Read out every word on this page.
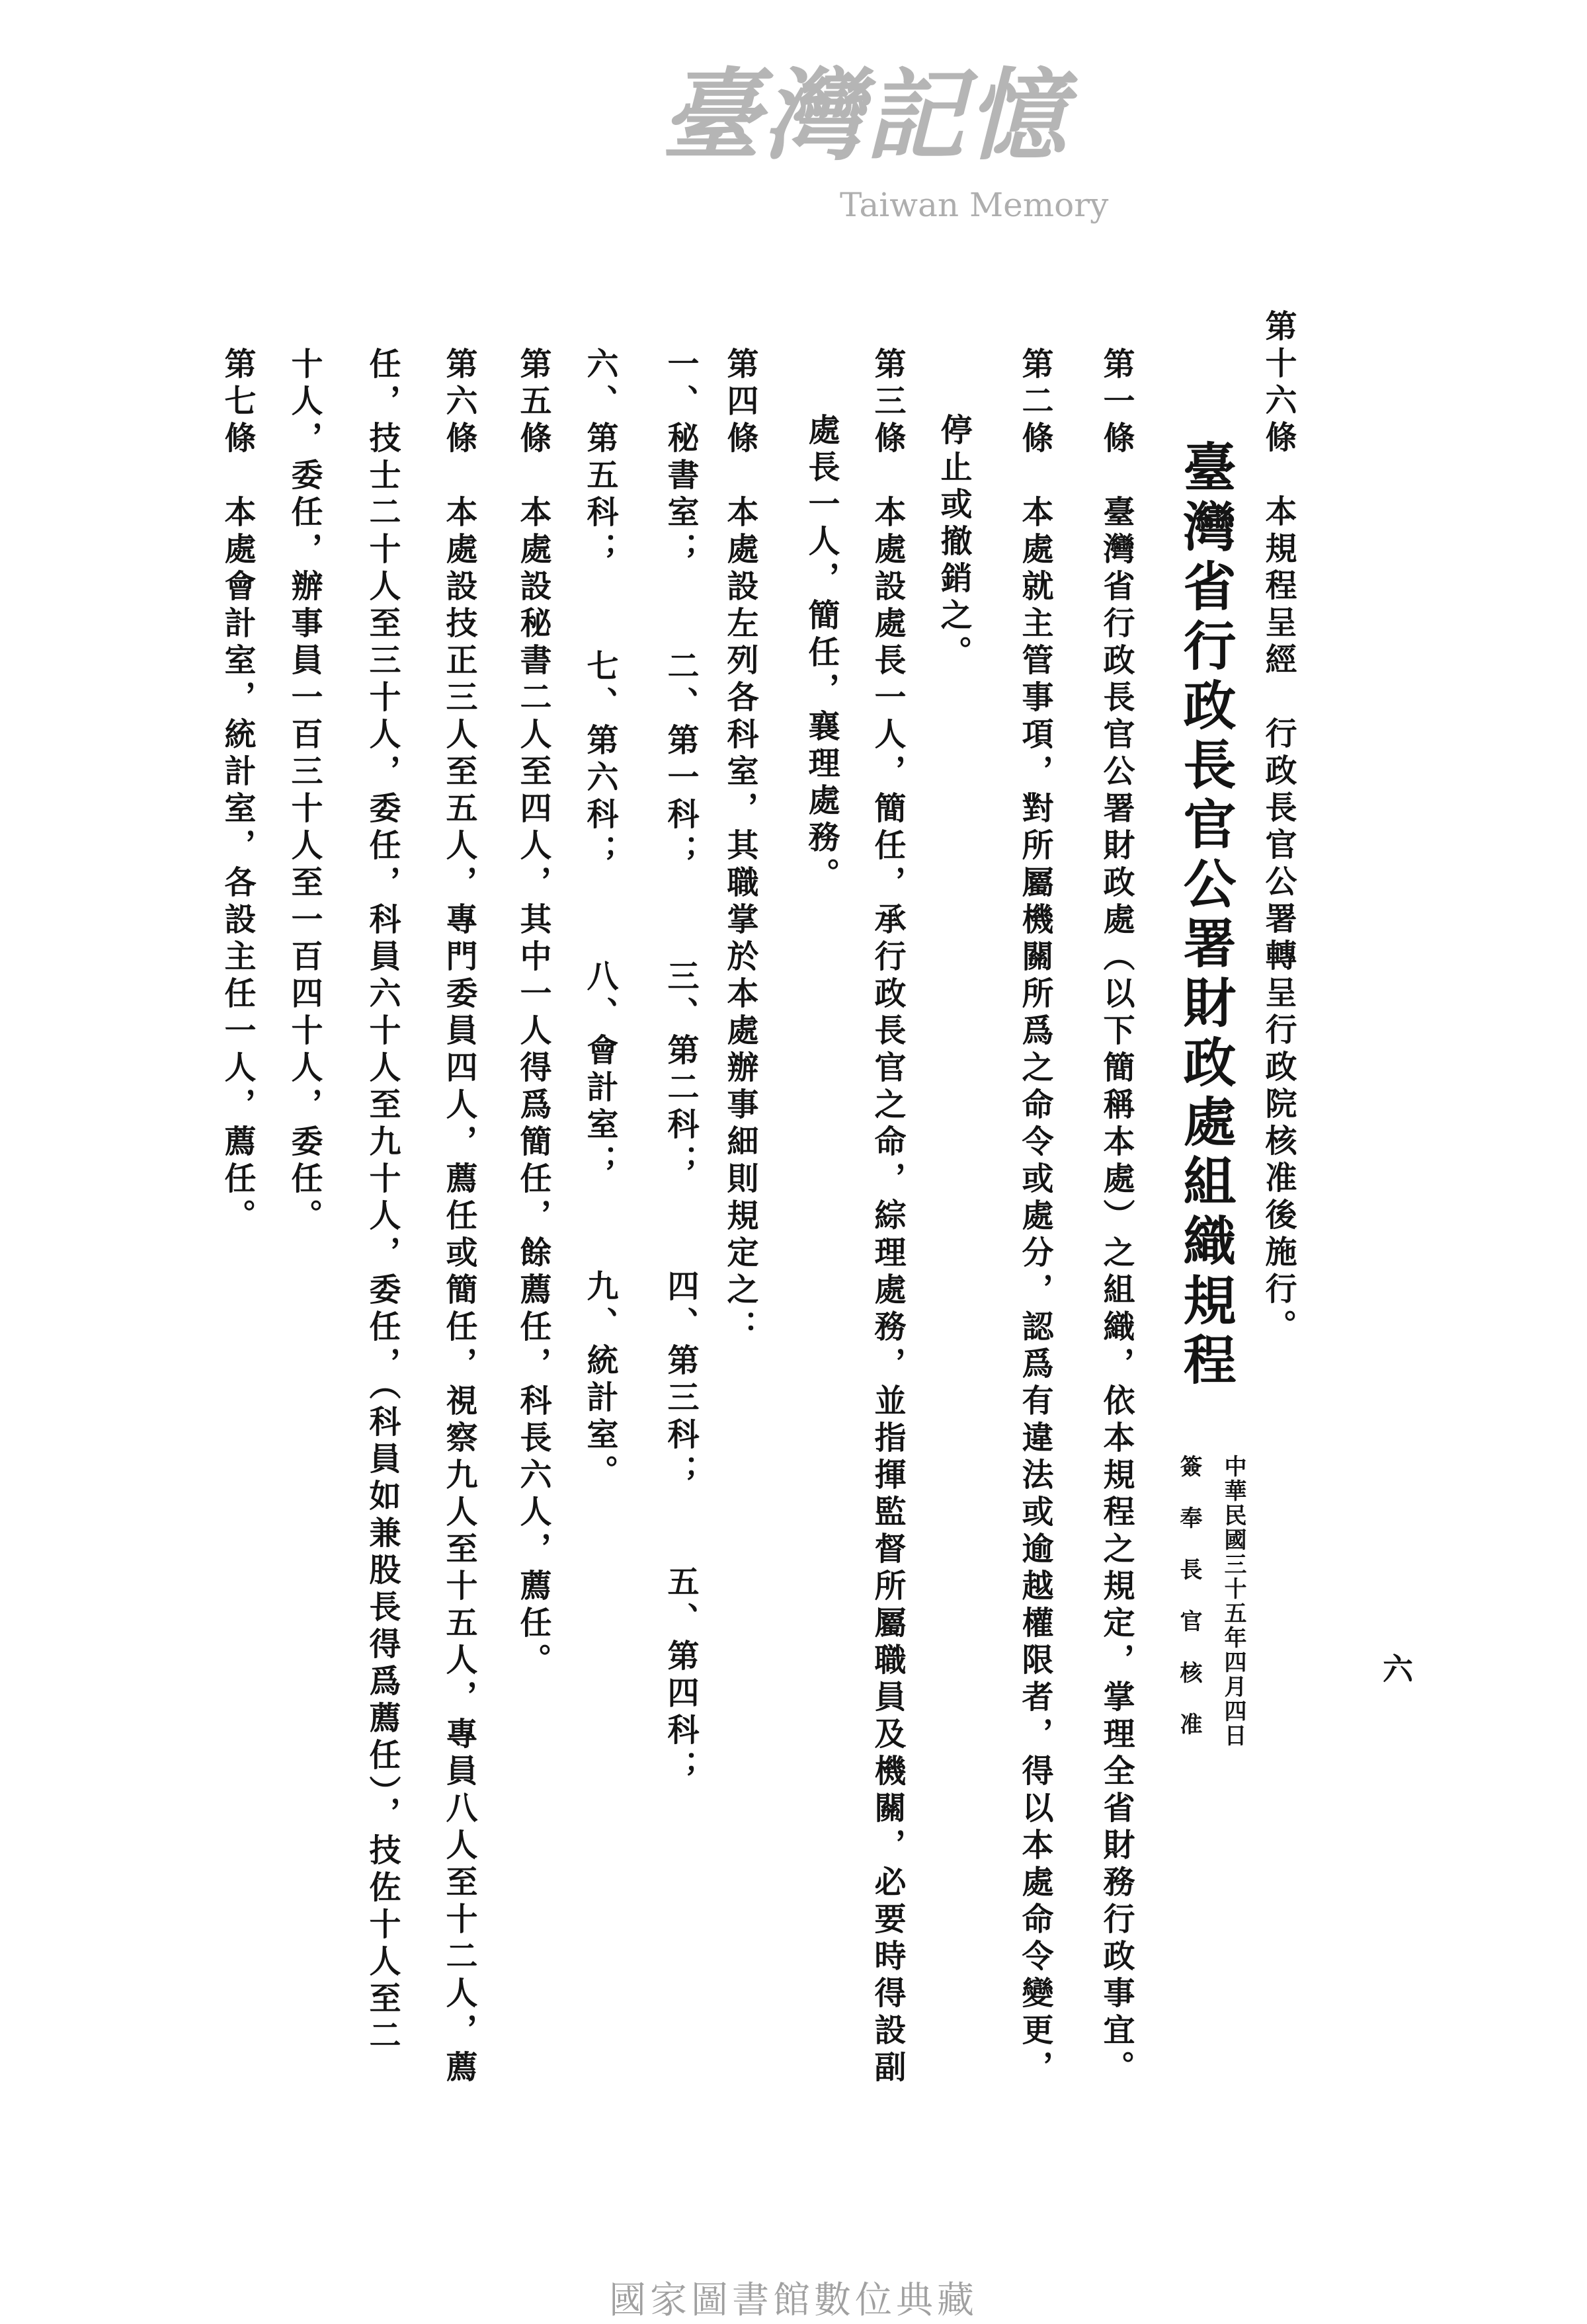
六
第十六條　本規程呈經　行政長官公署轉呈行政院核准後施行。
臺灣省行政長官公署財政處組織規程
中華民國三十五年四月四日
簽奉長官核准
第一條　臺灣省行政長官公署財政處（以下簡稱本處）之組織，依本規程之規定，掌理全省財務行政事宜。
第二條　本處就主管事項，對所屬機關所爲之命令或處分，認爲有違法或逾越權限者，得以本處命令變更，
停止或撤銷之。
第三條　本處設處長一人，簡任，承行政長官之命，綜理處務，並指揮監督所屬職員及機關，必要時得設副
處長一人，簡任，襄理處務。
第四條　本處設左列各科室，其職掌於本處辦事細則規定之：
一、秘書室；
二、第一科；
三、第二科；
四、第三科；
五、第四科；
六、第五科；
七、第六科；
八、會計室；
九、統計室。
第五條　本處設秘書二人至四人，其中一人得爲簡任，餘薦任，科長六人，薦任。
第六條　本處設技正三人至五人，專門委員四人，薦任或簡任，視察九人至十五人，專員八人至十二人，薦
任，技士二十人至三十人，委任，科員六十人至九十人，委任，（科員如兼股長得爲薦任），技佐十人至二
十人，委任，辦事員一百三十人至一百四十人，委任。
第七條　本處會計室，統計室，各設主任一人，薦任。
臺灣記憶
Taiwan Memory
國家圖書館數位典藏
